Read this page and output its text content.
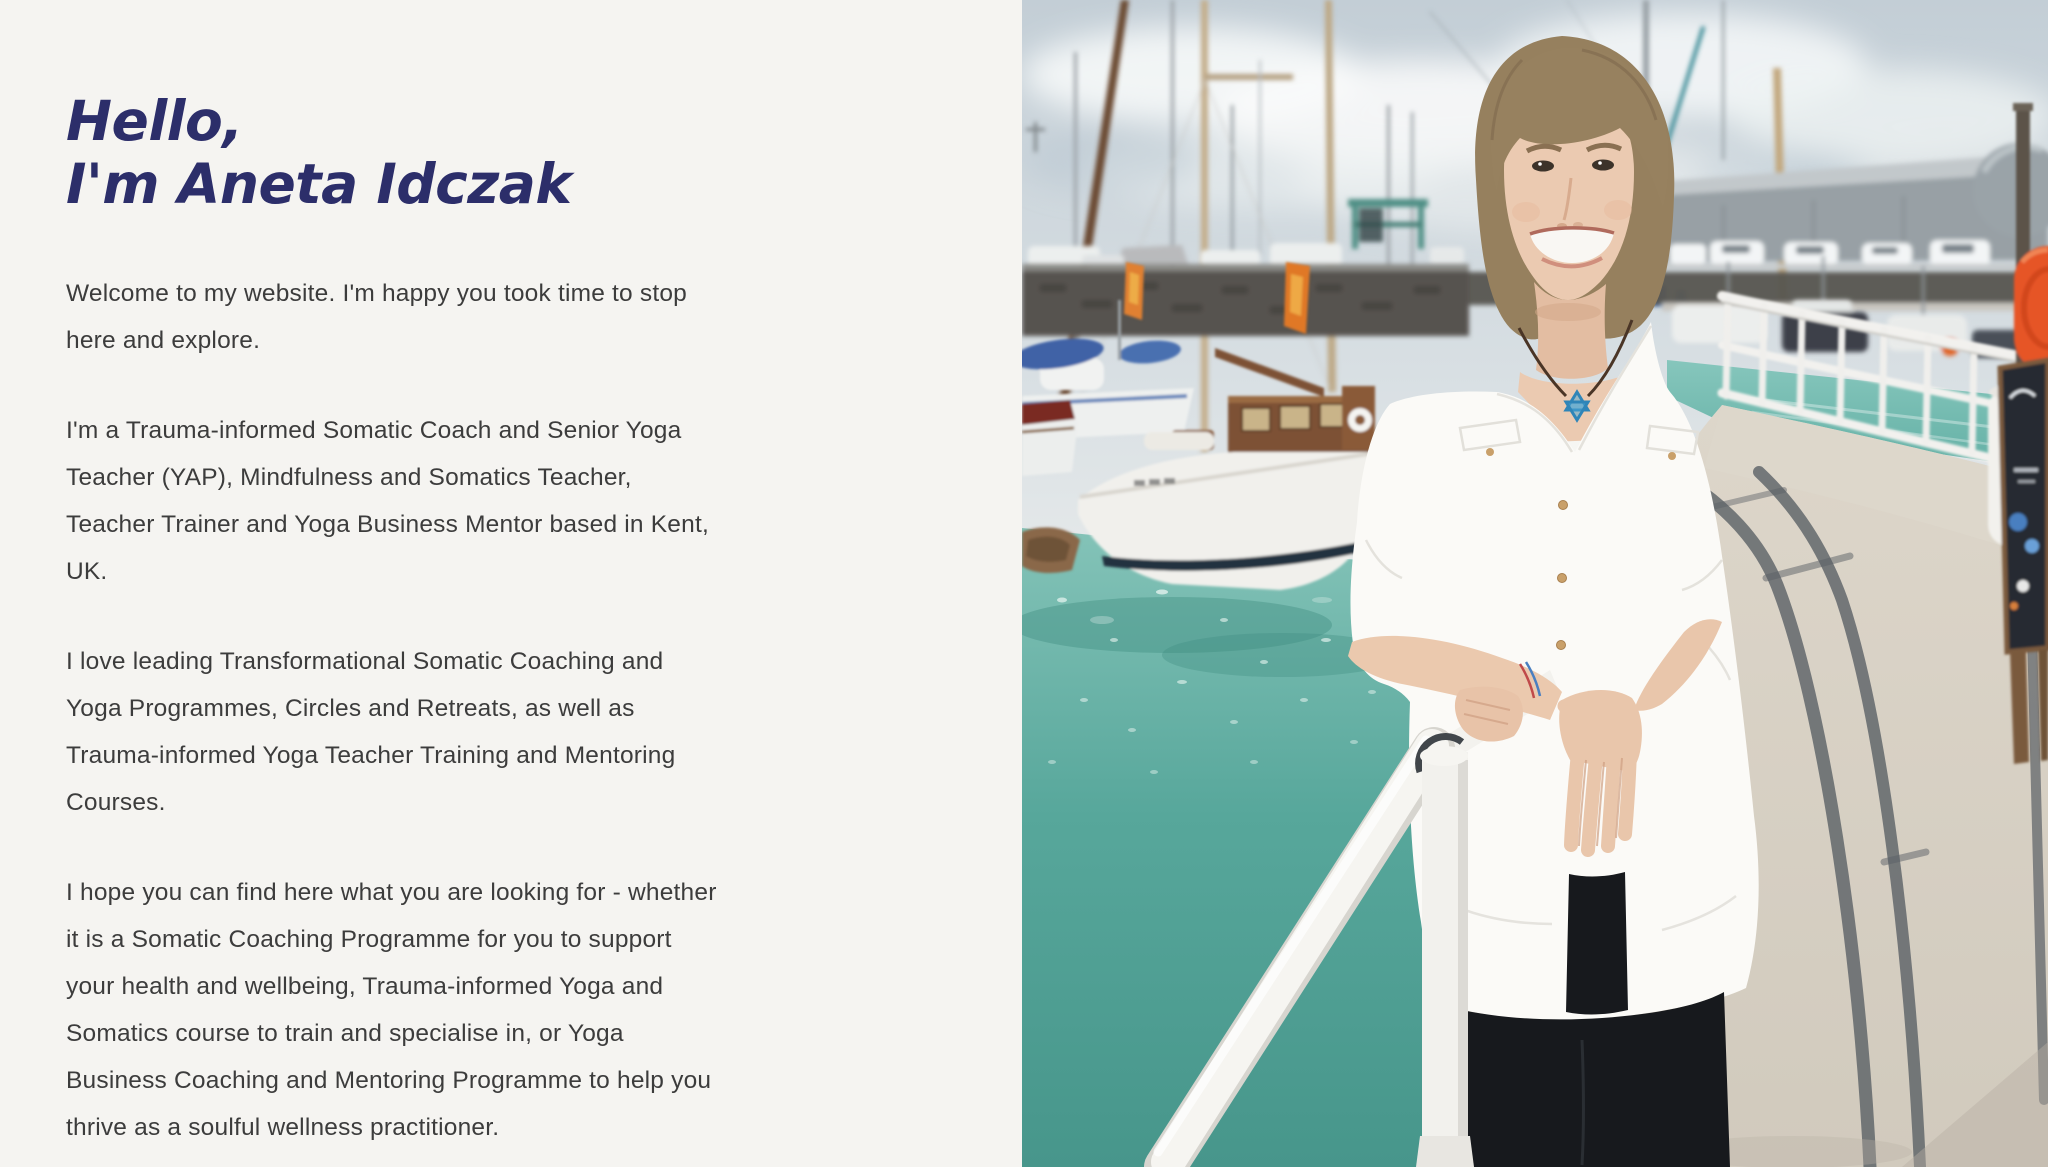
Hello,
I'm Aneta Idczak

Welcome to my website. I'm happy you took time to stop here and explore.

I'm a Trauma-informed Somatic Coach and Senior Yoga Teacher (YAP), Mindfulness and Somatics Teacher, Teacher Trainer and Yoga Business Mentor based in Kent, UK.

I love leading Transformational Somatic Coaching and Yoga Programmes, Circles and Retreats, as well as Trauma-informed Yoga Teacher Training and Mentoring Courses.

I hope you can find here what you are looking for - whether it is a Somatic Coaching Programme for you to support your health and wellbeing, Trauma-informed Yoga and Somatics course to train and specialise in, or Yoga Business Coaching and Mentoring Programme to help you thrive as a soulful wellness practitioner.
